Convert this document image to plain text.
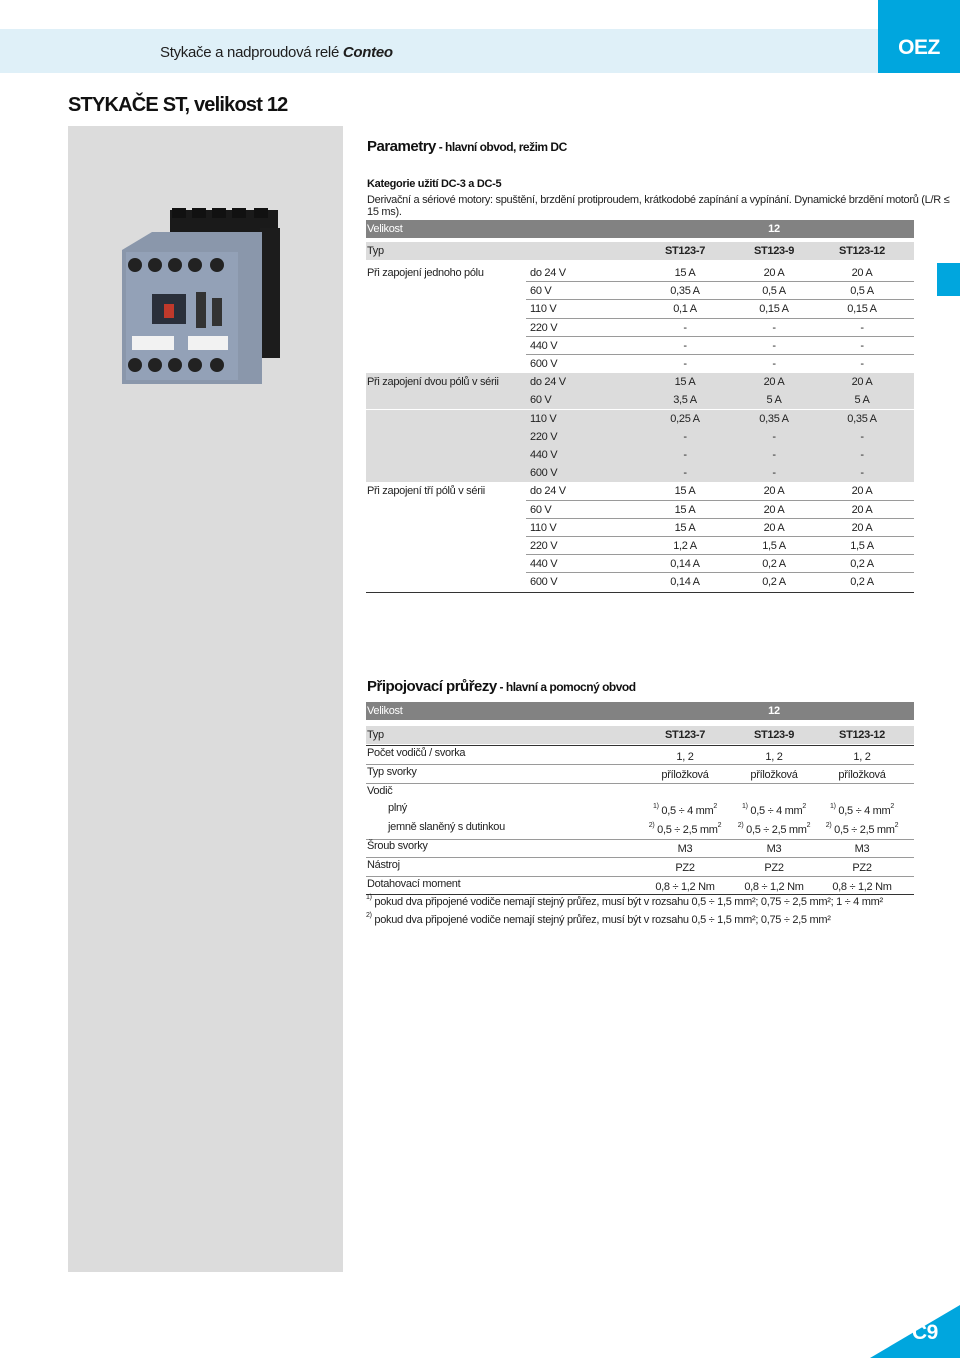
Stykače a nadproudová relé Conteo	OEZ
STYKAČE ST, velikost 12
Parametry - hlavní obvod, režim DC
Kategorie užití DC-3 a DC-5
Derivační a sériové motory: spuštění, brzdění protiproudem, krátkodobé zapínání a vypínání. Dynamické brzdění motorů (L/R ≤ 15 ms).
Velikost	12
Typ	ST123-7	ST123-9	ST123-12
Při zapojení jednoho pólu	do 24 V	15 A	20 A	20 A
60 V	0,35 A	0,5 A	0,5 A
110 V	0,1 A	0,15 A	0,15 A
220 V	-	-	-
440 V	-	-	-
600 V	-	-	-
Při zapojení dvou pólů v sérii	do 24 V	15 A	20 A	20 A
60 V	3,5 A	5 A	5 A
110 V	0,25 A	0,35 A	0,35 A
220 V	-	-	-
440 V	-	-	-
600 V	-	-	-
Při zapojení tří pólů v sérii	do 24 V	15 A	20 A	20 A
60 V	15 A	20 A	20 A
110 V	15 A	20 A	20 A
220 V	1,2 A	1,5 A	1,5 A
440 V	0,14 A	0,2 A	0,2 A
600 V	0,14 A	0,2 A	0,2 A
Připojovací průřezy - hlavní a pomocný obvod
Velikost	12
Typ	ST123-7	ST123-9	ST123-12
Počet vodičů / svorka	1, 2	1, 2	1, 2
Typ svorky	příložková	příložková	příložková
Vodič
plný	$^{1)}$ 0,5 ÷ 4 $mm^2$	$^{1)}$ 0,5 ÷ 4 $mm^2$	$^{1)}$ 0,5 ÷ 4 $mm^2$
jemně slaněný s dutinkou	$^{2)}$ 0,5 ÷ 2,5 $mm^2$	$^{2)}$ 0,5 ÷ 2,5 $mm^2$	$^{2)}$ 0,5 ÷ 2,5 $mm^2$
Šroub svorky	M3	M3	M3
Nástroj	PZ2	PZ2	PZ2
Dotahovací moment	0,8 ÷ 1,2 Nm	0,8 ÷ 1,2 Nm	0,8 ÷ 1,2 Nm
$^{1)}$ pokud dva připojené vodiče nemají stejný průřez, musí být v rozsahu 0,5 ÷ 1,5 mm²; 0,75 ÷ 2,5 mm²; 1 ÷ 4 mm²
$^{2)}$ pokud dva připojené vodiče nemají stejný průřez, musí být v rozsahu 0,5 ÷ 1,5 mm²; 0,75 ÷ 2,5 mm²
C9
